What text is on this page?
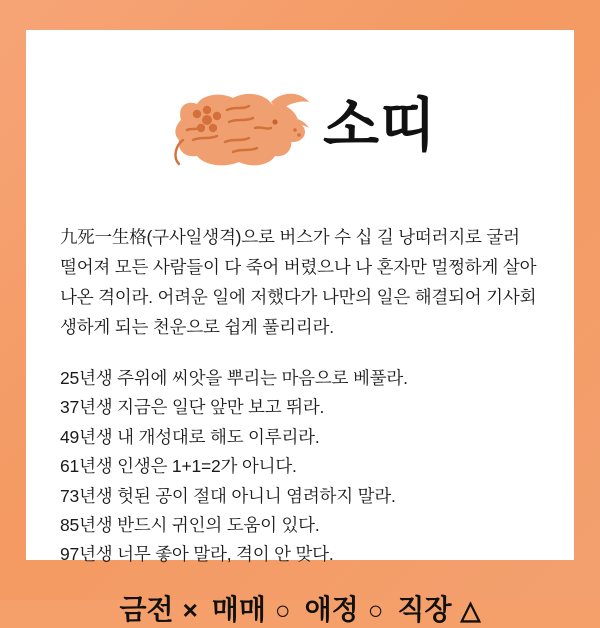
소띠

九死一生格(구사일생격)으로 버스가 수 십 길 낭떠러지로 굴러 떨어져 모든 사람들이 다 죽어 버렸으나 나 혼자만 멀쩡하게 살아 나온 격이라. 어려운 일에 저했다가 나만의 일은 해결되어 기사회생하게 되는 천운으로 쉽게 풀리리라.

25년생 주위에 씨앗을 뿌리는 마음으로 베풀라.
37년생 지금은 일단 앞만 보고 뛰라.
49년생 내 개성대로 해도 이루리라.
61년생 인생은 1+1=2가 아니다.
73년생 헛된 공이 절대 아니니 염려하지 말라.
85년생 반드시 귀인의 도움이 있다.
97년생 너무 좋아 말라, 격이 안 맞다.
금전 × 매매 ○ 애정 ○ 직장 △
